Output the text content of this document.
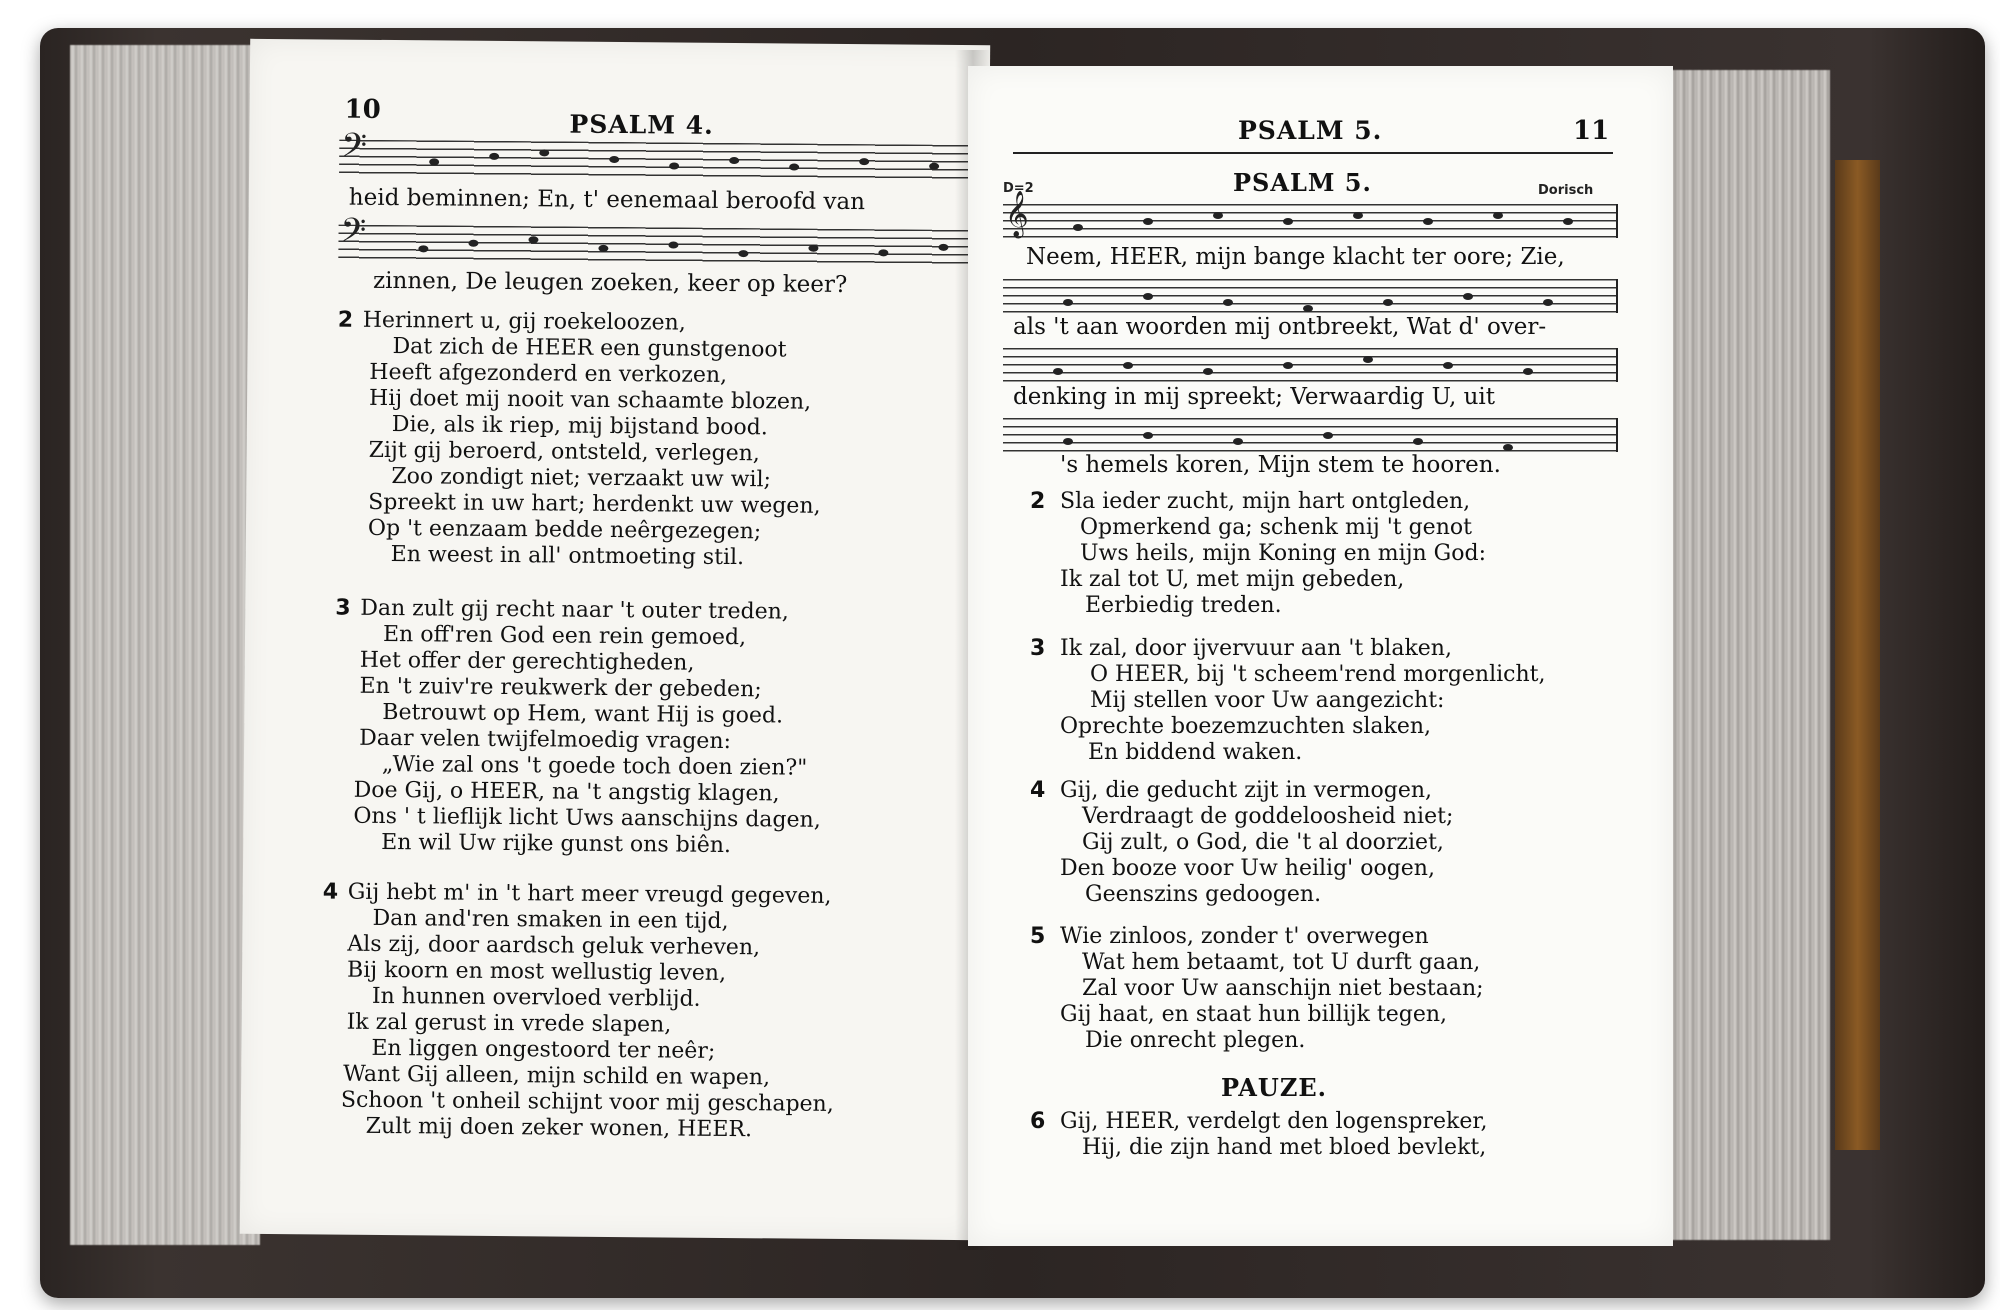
10	PSALM 4.
𝄢
heid beminnen; En, t' eenemaal beroofd van
𝄢
zinnen, De leugen zoeken, keer op keer?
2 Herinnert u, gij roekeloozen,
Dat zich de HEER een gunstgenoot
Heeft afgezonderd en verkozen,
Hij doet mij nooit van schaamte blozen,
Die, als ik riep, mij bijstand bood.
Zijt gij beroerd, ontsteld, verlegen,
Zoo zondigt niet; verzaakt uw wil;
Spreekt in uw hart; herdenkt uw wegen,
Op 't eenzaam bedde neêrgezegen;
En weest in all' ontmoeting stil.
3 Dan zult gij recht naar 't outer treden,
En off'ren God een rein gemoed,
Het offer der gerechtigheden,
En 't zuiv're reukwerk der gebeden;
Betrouwt op Hem, want Hij is goed.
Daar velen twijfelmoedig vragen:
„Wie zal ons 't goede toch doen zien?"
Doe Gij, o HEER, na 't angstig klagen,
Ons ' t lieflijk licht Uws aanschijns dagen,
En wil Uw rijke gunst ons biên.
4 Gij hebt m' in 't hart meer vreugd gegeven,
Dan and'ren smaken in een tijd,
Als zij, door aardsch geluk verheven,
Bij koorn en most wellustig leven,
In hunnen overvloed verblijd.
Ik zal gerust in vrede slapen,
En liggen ongestoord ter neêr;
Want Gij alleen, mijn schild en wapen,
Schoon 't onheil schijnt voor mij geschapen,
Zult mij doen zeker wonen, HEER.
PSALM 5.	11
D=2	PSALM 5.	Dorisch
𝄞
Neem, HEER, mijn bange klacht ter oore; Zie,
als 't aan woorden mij ontbreekt, Wat d' over-
denking in mij spreekt; Verwaardig U, uit
's hemels koren, Mijn stem te hooren.
2 Sla ieder zucht, mijn hart ontgleden,
Opmerkend ga; schenk mij 't genot
Uws heils, mijn Koning en mijn God:
Ik zal tot U, met mijn gebeden,
Eerbiedig treden.
3 Ik zal, door ijvervuur aan 't blaken,
O HEER, bij 't scheem'rend morgenlicht,
Mij stellen voor Uw aangezicht:
Oprechte boezemzuchten slaken,
En biddend waken.
4 Gij, die geducht zijt in vermogen,
Verdraagt de goddeloosheid niet;
Gij zult, o God, die 't al doorziet,
Den booze voor Uw heilig' oogen,
Geenszins gedoogen.
5 Wie zinloos, zonder t' overwegen
Wat hem betaamt, tot U durft gaan,
Zal voor Uw aanschijn niet bestaan;
Gij haat, en staat hun billijk tegen,
Die onrecht plegen.
PAUZE.
6 Gij, HEER, verdelgt den logenspreker,
Hij, die zijn hand met bloed bevlekt,
